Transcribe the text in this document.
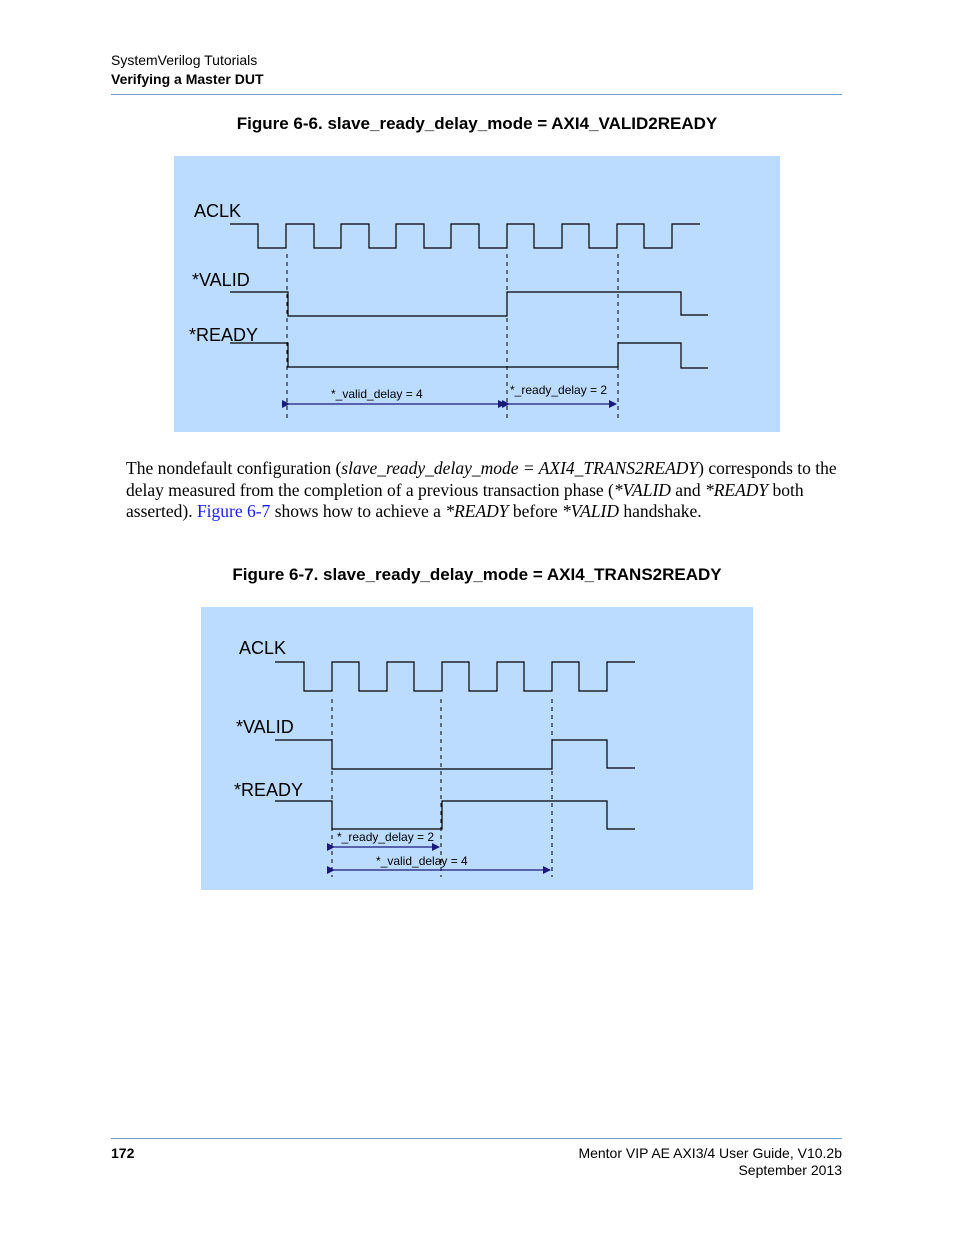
SystemVerilog Tutorials
Verifying a Master DUT
Figure 6-6. slave_ready_delay_mode = AXI4_VALID2READY
ACLK
*VALID
*READY
*_valid_delay = 4	*_ready_delay = 2
The nondefault configuration (slave_ready_delay_mode = AXI4_TRANS2READY) corresponds to the delay measured from the completion of a previous transaction phase (*VALID and *READY both asserted). Figure 6-7 shows how to achieve a *READY before *VALID handshake.
Figure 6-7. slave_ready_delay_mode = AXI4_TRANS2READY
ACLK
*VALID
*READY
*_ready_delay = 2
*_valid_delay = 4
172	Mentor VIP AE AXI3/4 User Guide, V10.2b
September 2013
